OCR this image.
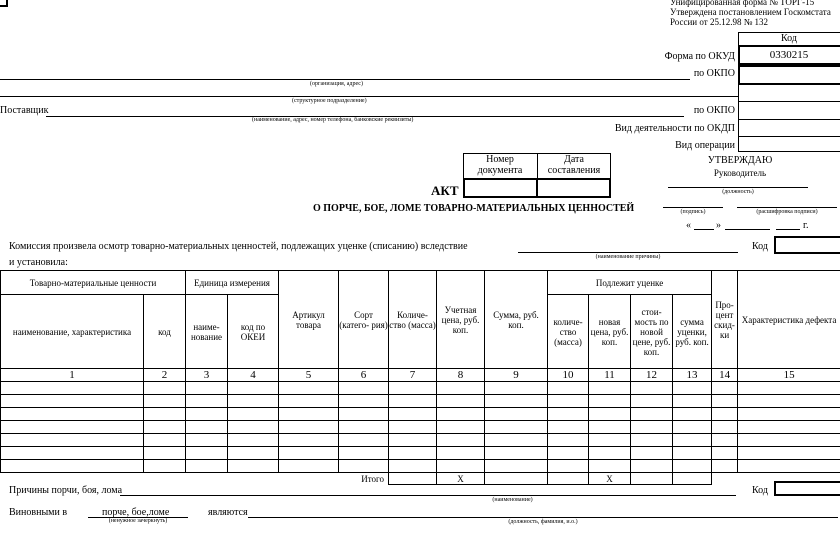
Унифицированная форма № ТОРГ-15
Утверждена постановлением Госкомстата
России от 25.12.98 № 132
Код
0330215
Форма по ОКУД
по ОКПО
по ОКПО
Вид деятельности по ОКДП
Вид операции
(организация, адрес)
(структурное подразделение)
Поставщик
(наименование, адрес, номер телефона, банковские реквизиты)
Номер документа
Дата составления
АКТ
О ПОРЧЕ, БОЕ, ЛОМЕ ТОВАРНО-МАТЕРИАЛЬНЫХ ЦЕННОСТЕЙ
УТВЕРЖДАЮ
Руководитель
(должность)
(подпись)	(расшифровка подписи)
«	»	г.
Комиссия произвела осмотр товарно-материальных ценностей, подлежащих уценке (списанию) вследствие
и установила:	(наименование причины)
Код
Товарно-материальные ценности		Единица измерения		Артикул товара	Сорт (катего- рия)	Количе- ство (масса)	Учетная цена, руб. коп.	Сумма, руб. коп.	Подлежит уценке				Про- цент скид- ки	Характеристика дефекта
наименование, характеристика	код	наиме- нование	код по ОКЕИ						количе- ство (масса)	новая цена, руб. коп.	стои- мость по новой цене, руб. коп.	сумма уценки, руб. коп.		
1	2	3	4	5	6	7	8	9	10	11	12	13	14	15

Итого							X			X				
Причины порчи, боя, лома
(наименование)
Код
Виновными в	порче, бое,ломе
(ненужное зачеркнуть)
являются
(должность, фамилия, и.о.)
